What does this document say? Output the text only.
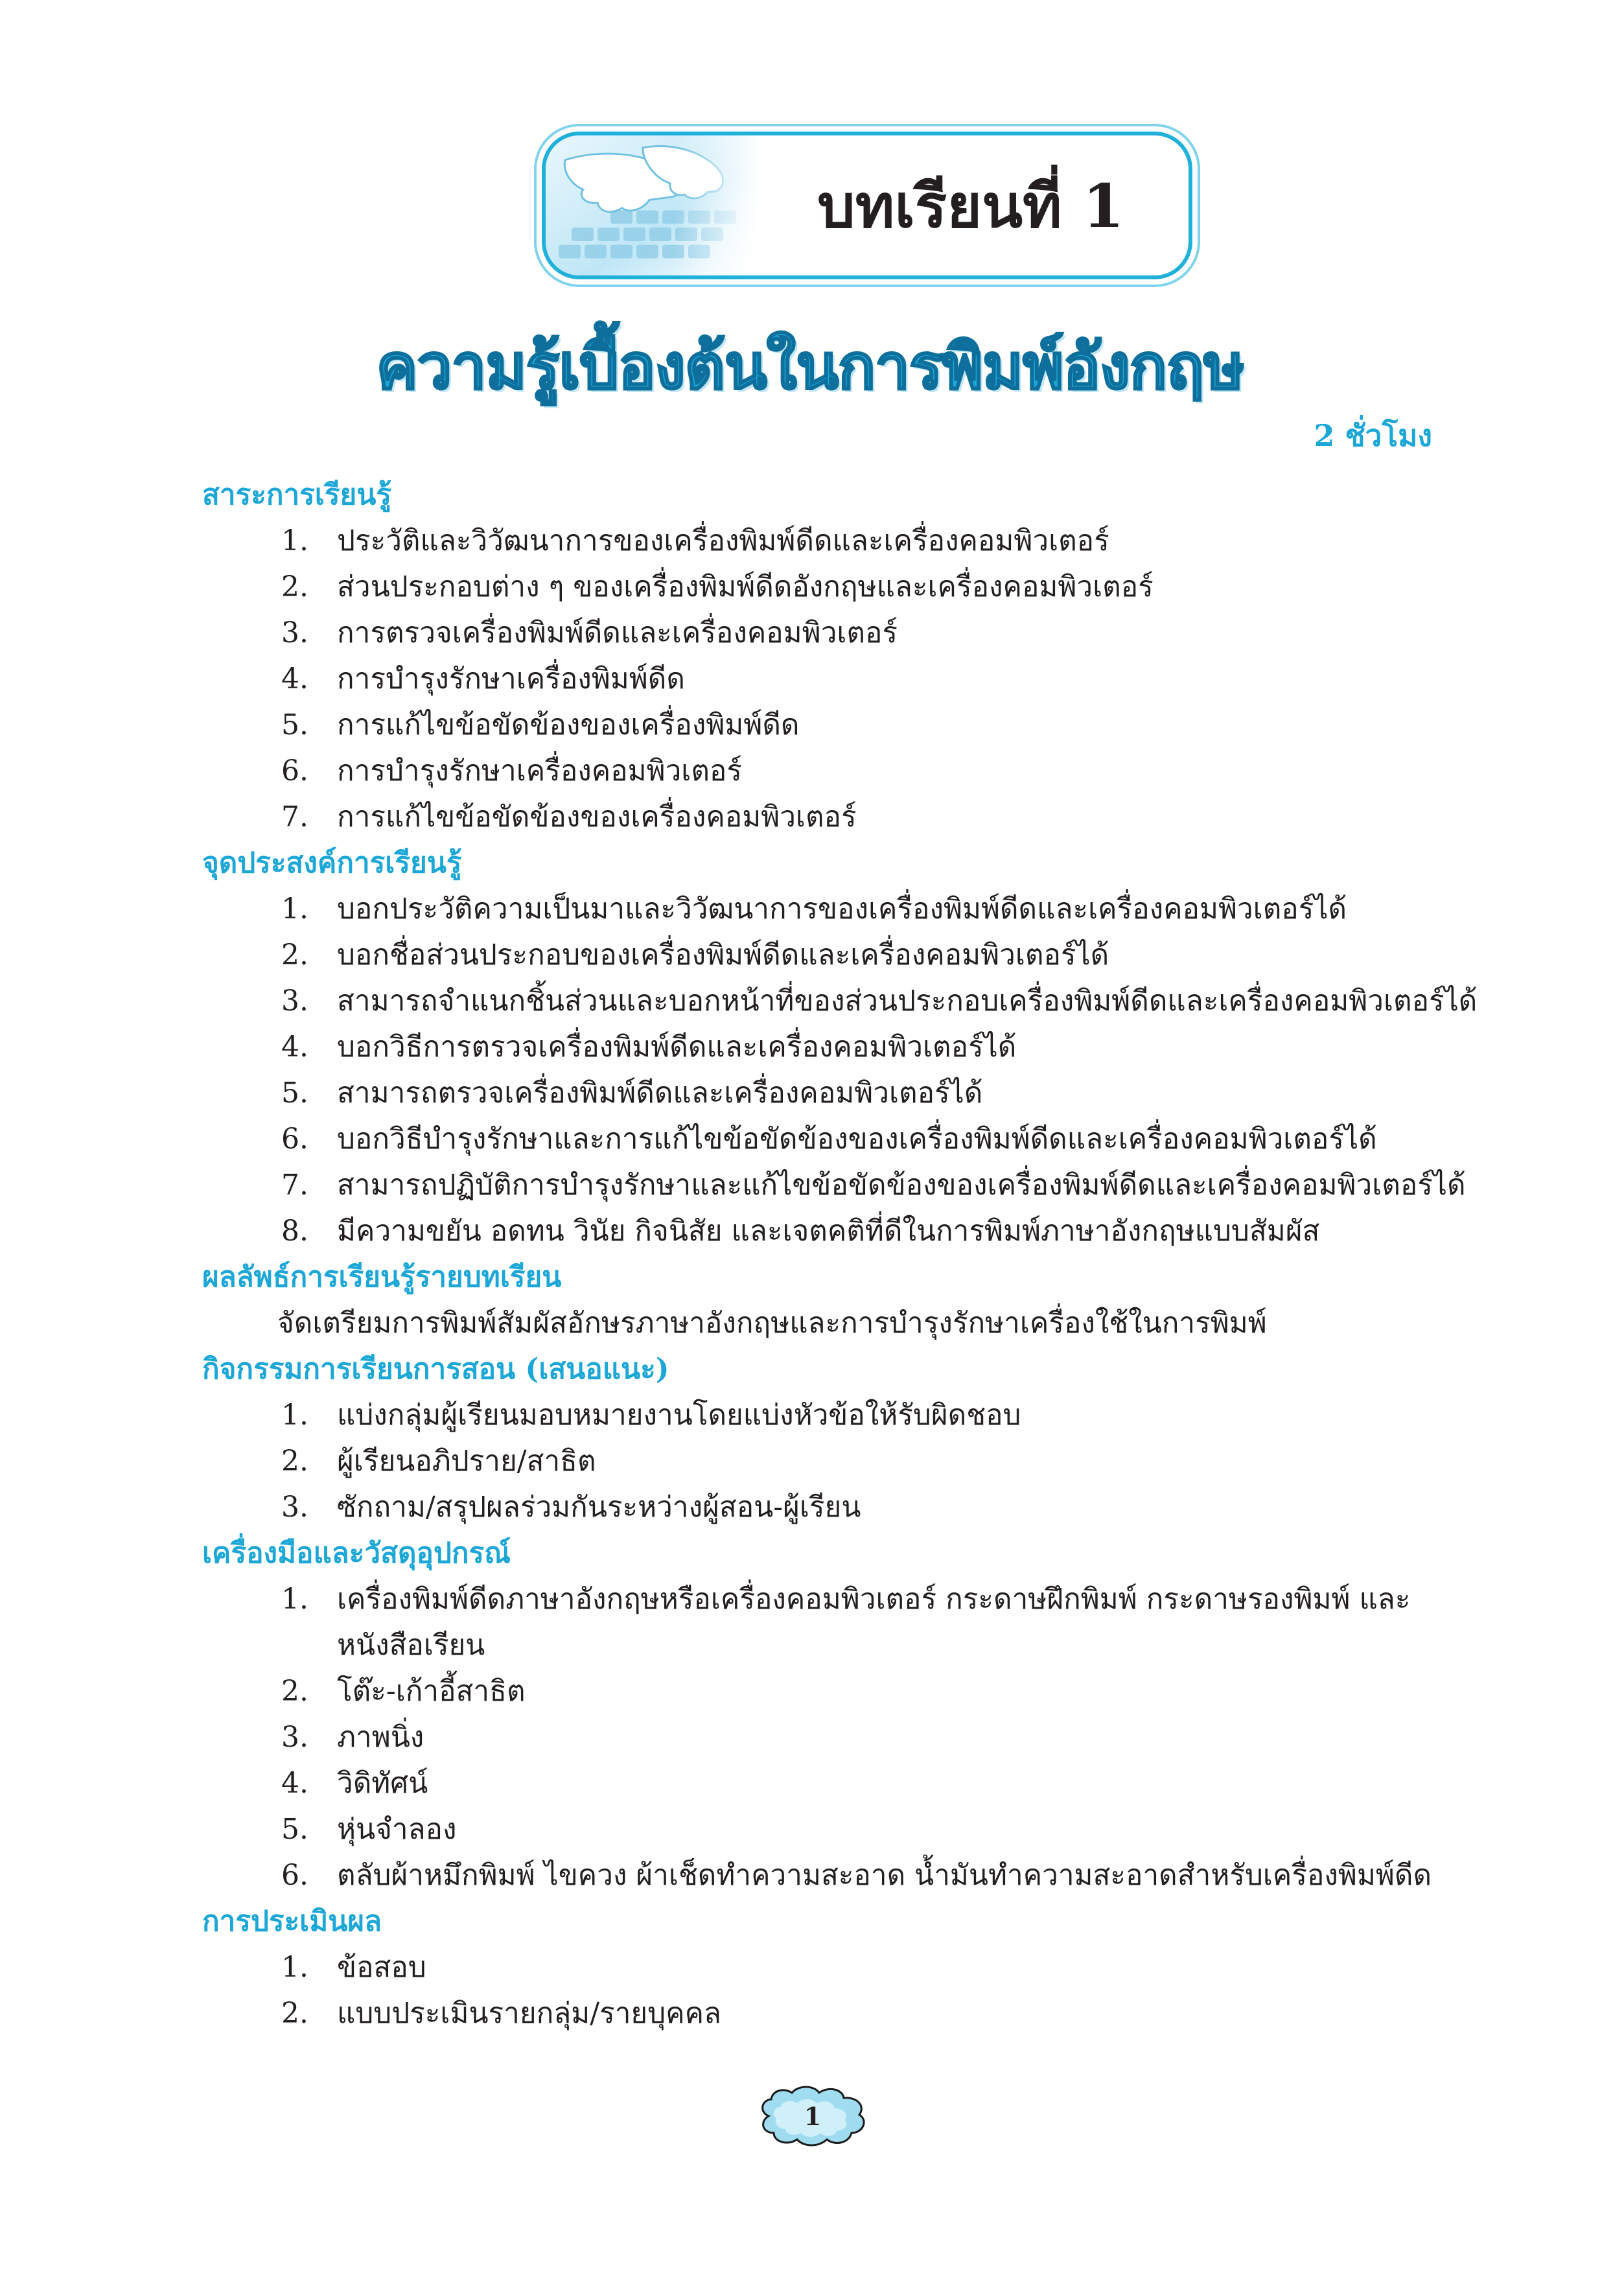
บทเรียนที่ 1
ความรู้เบื้องต้นในการพิมพ์อังกฤษ
2 ชั่วโมง
สาระการเรียนรู้
1. ประวัติและวิวัฒนาการของเครื่องพิมพ์ดีดและเครื่องคอมพิวเตอร์
2. ส่วนประกอบต่าง ๆ ของเครื่องพิมพ์ดีดอังกฤษและเครื่องคอมพิวเตอร์
3. การตรวจเครื่องพิมพ์ดีดและเครื่องคอมพิวเตอร์
4. การบำรุงรักษาเครื่องพิมพ์ดีด
5. การแก้ไขข้อขัดข้องของเครื่องพิมพ์ดีด
6. การบำรุงรักษาเครื่องคอมพิวเตอร์
7. การแก้ไขข้อขัดข้องของเครื่องคอมพิวเตอร์
จุดประสงค์การเรียนรู้
1. บอกประวัติความเป็นมาและวิวัฒนาการของเครื่องพิมพ์ดีดและเครื่องคอมพิวเตอร์ได้
2. บอกชื่อส่วนประกอบของเครื่องพิมพ์ดีดและเครื่องคอมพิวเตอร์ได้
3. สามารถจำแนกชิ้นส่วนและบอกหน้าที่ของส่วนประกอบเครื่องพิมพ์ดีดและเครื่องคอมพิวเตอร์ได้
4. บอกวิธีการตรวจเครื่องพิมพ์ดีดและเครื่องคอมพิวเตอร์ได้
5. สามารถตรวจเครื่องพิมพ์ดีดและเครื่องคอมพิวเตอร์ได้
6. บอกวิธีบำรุงรักษาและการแก้ไขข้อขัดข้องของเครื่องพิมพ์ดีดและเครื่องคอมพิวเตอร์ได้
7. สามารถปฏิบัติการบำรุงรักษาและแก้ไขข้อขัดข้องของเครื่องพิมพ์ดีดและเครื่องคอมพิวเตอร์ได้
8. มีความขยัน อดทน วินัย กิจนิสัย และเจตคติที่ดีในการพิมพ์ภาษาอังกฤษแบบสัมผัส
ผลลัพธ์การเรียนรู้รายบทเรียน
จัดเตรียมการพิมพ์สัมผัสอักษรภาษาอังกฤษและการบำรุงรักษาเครื่องใช้ในการพิมพ์
กิจกรรมการเรียนการสอน (เสนอแนะ)
1. แบ่งกลุ่มผู้เรียนมอบหมายงานโดยแบ่งหัวข้อให้รับผิดชอบ
2. ผู้เรียนอภิปราย/สาธิต
3. ซักถาม/สรุปผลร่วมกันระหว่างผู้สอน-ผู้เรียน
เครื่องมือและวัสดุอุปกรณ์
1. เครื่องพิมพ์ดีดภาษาอังกฤษหรือเครื่องคอมพิวเตอร์ กระดาษฝึกพิมพ์ กระดาษรองพิมพ์ และหนังสือเรียน
2. โต๊ะ-เก้าอี้สาธิต
3. ภาพนิ่ง
4. วิดิทัศน์
5. หุ่นจำลอง
6. ตลับผ้าหมึกพิมพ์ ไขควง ผ้าเช็ดทำความสะอาด น้ำมันทำความสะอาดสำหรับเครื่องพิมพ์ดีด
การประเมินผล
1. ข้อสอบ
2. แบบประเมินรายกลุ่ม/รายบุคคล
1
